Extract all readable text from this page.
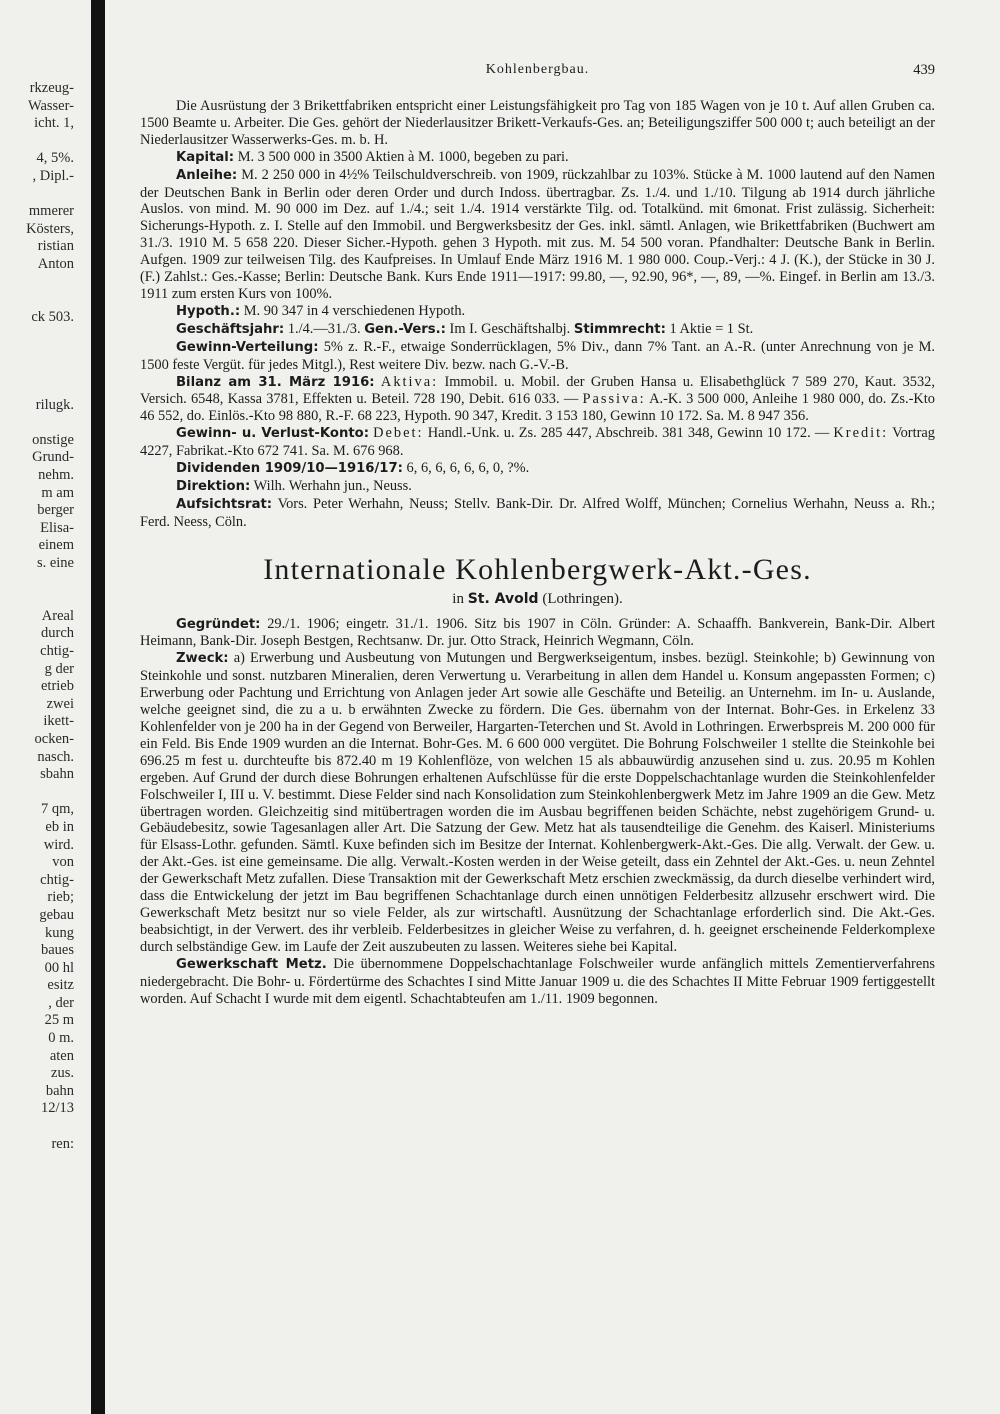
rkzeug-
Wasser-
icht. 1,
4, 5%.
, Dipl.-
mmerer
Kösters,
ristian
Anton
ck 503.
rilugk.
onstige
Grund-
nehm.
m am
berger
Elisa-
einem
s. eine
Areal
durch
chtig-
g der
etrieb
zwei
ikett-
ocken-
nasch.
sbahn
7 qm,
eb in
wird.
von
chtig-
rieb;
gebau
kung
baues
00 hl
esitz
, der
25 m
0 m.
aten
zus.
bahn
12/13
ren:
Kohlenbergbau.	439

Die Ausrüstung der 3 Brikettfabriken entspricht einer Leistungsfähigkeit pro Tag von 185 Wagen von je 10 t. Auf allen Gruben ca. 1500 Beamte u. Arbeiter. Die Ges. gehört der Niederlausitzer Brikett-Verkaufs-Ges. an; Beteiligungsziffer 500 000 t; auch beteiligt an der Niederlausitzer Wasserwerks-Ges. m. b. H.

Kapital: M. 3 500 000 in 3500 Aktien à M. 1000, begeben zu pari.

Anleihe: M. 2 250 000 in 4½% Teilschuldverschreib. von 1909, rückzahlbar zu 103%. Stücke à M. 1000 lautend auf den Namen der Deutschen Bank in Berlin oder deren Order und durch Indoss. übertragbar. Zs. 1./4. und 1./10. Tilgung ab 1914 durch jährliche Auslos. von mind. M. 90 000 im Dez. auf 1./4.; seit 1./4. 1914 verstärkte Tilg. od. Totalkünd. mit 6monat. Frist zulässig. Sicherheit: Sicherungs-Hypoth. z. I. Stelle auf den Immobil. und Bergwerksbesitz der Ges. inkl. sämtl. Anlagen, wie Brikettfabriken (Buchwert am 31./3. 1910 M. 5 658 220. Dieser Sicher.-Hypoth. gehen 3 Hypoth. mit zus. M. 54 500 voran. Pfandhalter: Deutsche Bank in Berlin. Aufgen. 1909 zur teilweisen Tilg. des Kaufpreises. In Umlauf Ende März 1916 M. 1 980 000. Coup.-Verj.: 4 J. (K.), der Stücke in 30 J. (F.) Zahlst.: Ges.-Kasse; Berlin: Deutsche Bank. Kurs Ende 1911—1917: 99.80, —, 92.90, 96*, —, 89, —%. Eingef. in Berlin am 13./3. 1911 zum ersten Kurs von 100%.

Hypoth.: M. 90 347 in 4 verschiedenen Hypoth.

Geschäftsjahr: 1./4.—31./3. Gen.-Vers.: Im I. Geschäftshalbj. Stimmrecht: 1 Aktie = 1 St.

Gewinn-Verteilung: 5% z. R.-F., etwaige Sonderrücklagen, 5% Div., dann 7% Tant. an A.-R. (unter Anrechnung von je M. 1500 feste Vergüt. für jedes Mitgl.), Rest weitere Div. bezw. nach G.-V.-B.

Bilanz am 31. März 1916: Aktiva: Immobil. u. Mobil. der Gruben Hansa u. Elisabethglück 7 589 270, Kaut. 3532, Versich. 6548, Kassa 3781, Effekten u. Beteil. 728 190, Debit. 616 033. — Passiva: A.-K. 3 500 000, Anleihe 1 980 000, do. Zs.-Kto 46 552, do. Einlös.-Kto 98 880, R.-F. 68 223, Hypoth. 90 347, Kredit. 3 153 180, Gewinn 10 172. Sa. M. 8 947 356.

Gewinn- u. Verlust-Konto: Debet: Handl.-Unk. u. Zs. 285 447, Abschreib. 381 348, Gewinn 10 172. — Kredit: Vortrag 4227, Fabrikat.-Kto 672 741. Sa. M. 676 968.

Dividenden 1909/10—1916/17: 6, 6, 6, 6, 6, 6, 0, ?%.

Direktion: Wilh. Werhahn jun., Neuss.

Aufsichtsrat: Vors. Peter Werhahn, Neuss; Stellv. Bank-Dir. Dr. Alfred Wolff, München; Cornelius Werhahn, Neuss a. Rh.; Ferd. Neess, Cöln.

Internationale Kohlenbergwerk-Akt.-Ges.
in St. Avold (Lothringen).

Gegründet: 29./1. 1906; eingetr. 31./1. 1906. Sitz bis 1907 in Cöln. Gründer: A. Schaaffh. Bankverein, Bank-Dir. Albert Heimann, Bank-Dir. Joseph Bestgen, Rechtsanw. Dr. jur. Otto Strack, Heinrich Wegmann, Cöln.

Zweck: a) Erwerbung und Ausbeutung von Mutungen und Bergwerkseigentum, insbes. bezügl. Steinkohle; b) Gewinnung von Steinkohle und sonst. nutzbaren Mineralien, deren Verwertung u. Verarbeitung in allen dem Handel u. Konsum angepassten Formen; c) Erwerbung oder Pachtung und Errichtung von Anlagen jeder Art sowie alle Geschäfte und Beteilig. an Unternehm. im In- u. Auslande, welche geeignet sind, die zu a u. b erwähnten Zwecke zu fördern. Die Ges. übernahm von der Internat. Bohr-Ges. in Erkelenz 33 Kohlenfelder von je 200 ha in der Gegend von Berweiler, Hargarten-Teterchen und St. Avold in Lothringen. Erwerbspreis M. 200 000 für ein Feld. Bis Ende 1909 wurden an die Internat. Bohr-Ges. M. 6 600 000 vergütet. Die Bohrung Folschweiler 1 stellte die Steinkohle bei 696.25 m fest u. durchteufte bis 872.40 m 19 Kohlenflöze, von welchen 15 als abbauwürdig anzusehen sind u. zus. 20.95 m Kohlen ergeben. Auf Grund der durch diese Bohrungen erhaltenen Aufschlüsse für die erste Doppelschachtanlage wurden die Steinkohlenfelder Folschweiler I, III u. V. bestimmt. Diese Felder sind nach Konsolidation zum Steinkohlenbergwerk Metz im Jahre 1909 an die Gew. Metz übertragen worden. Gleichzeitig sind mitübertragen worden die im Ausbau begriffenen beiden Schächte, nebst zugehörigem Grund- u. Gebäudebesitz, sowie Tagesanlagen aller Art. Die Satzung der Gew. Metz hat als tausendteilige die Genehm. des Kaiserl. Ministeriums für Elsass-Lothr. gefunden. Sämtl. Kuxe befinden sich im Besitze der Internat. Kohlenbergwerk-Akt.-Ges. Die allg. Verwalt. der Gew. u. der Akt.-Ges. ist eine gemeinsame. Die allg. Verwalt.-Kosten werden in der Weise geteilt, dass ein Zehntel der Akt.-Ges. u. neun Zehntel der Gewerkschaft Metz zufallen. Diese Transaktion mit der Gewerkschaft Metz erschien zweckmässig, da durch dieselbe verhindert wird, dass die Entwickelung der jetzt im Bau begriffenen Schachtanlage durch einen unnötigen Felderbesitz allzusehr erschwert wird. Die Gewerkschaft Metz besitzt nur so viele Felder, als zur wirtschaftl. Ausnützung der Schachtanlage erforderlich sind. Die Akt.-Ges. beabsichtigt, in der Verwert. des ihr verbleib. Felderbesitzes in gleicher Weise zu verfahren, d. h. geeignet erscheinende Felderkomplexe durch selbständige Gew. im Laufe der Zeit auszubeuten zu lassen. Weiteres siehe bei Kapital.

Gewerkschaft Metz. Die übernommene Doppelschachtanlage Folschweiler wurde anfänglich mittels Zementierverfahrens niedergebracht. Die Bohr- u. Fördertürme des Schachtes I sind Mitte Januar 1909 u. die des Schachtes II Mitte Februar 1909 fertiggestellt worden. Auf Schacht I wurde mit dem eigentl. Schachtabteufen am 1./11. 1909 begonnen.
